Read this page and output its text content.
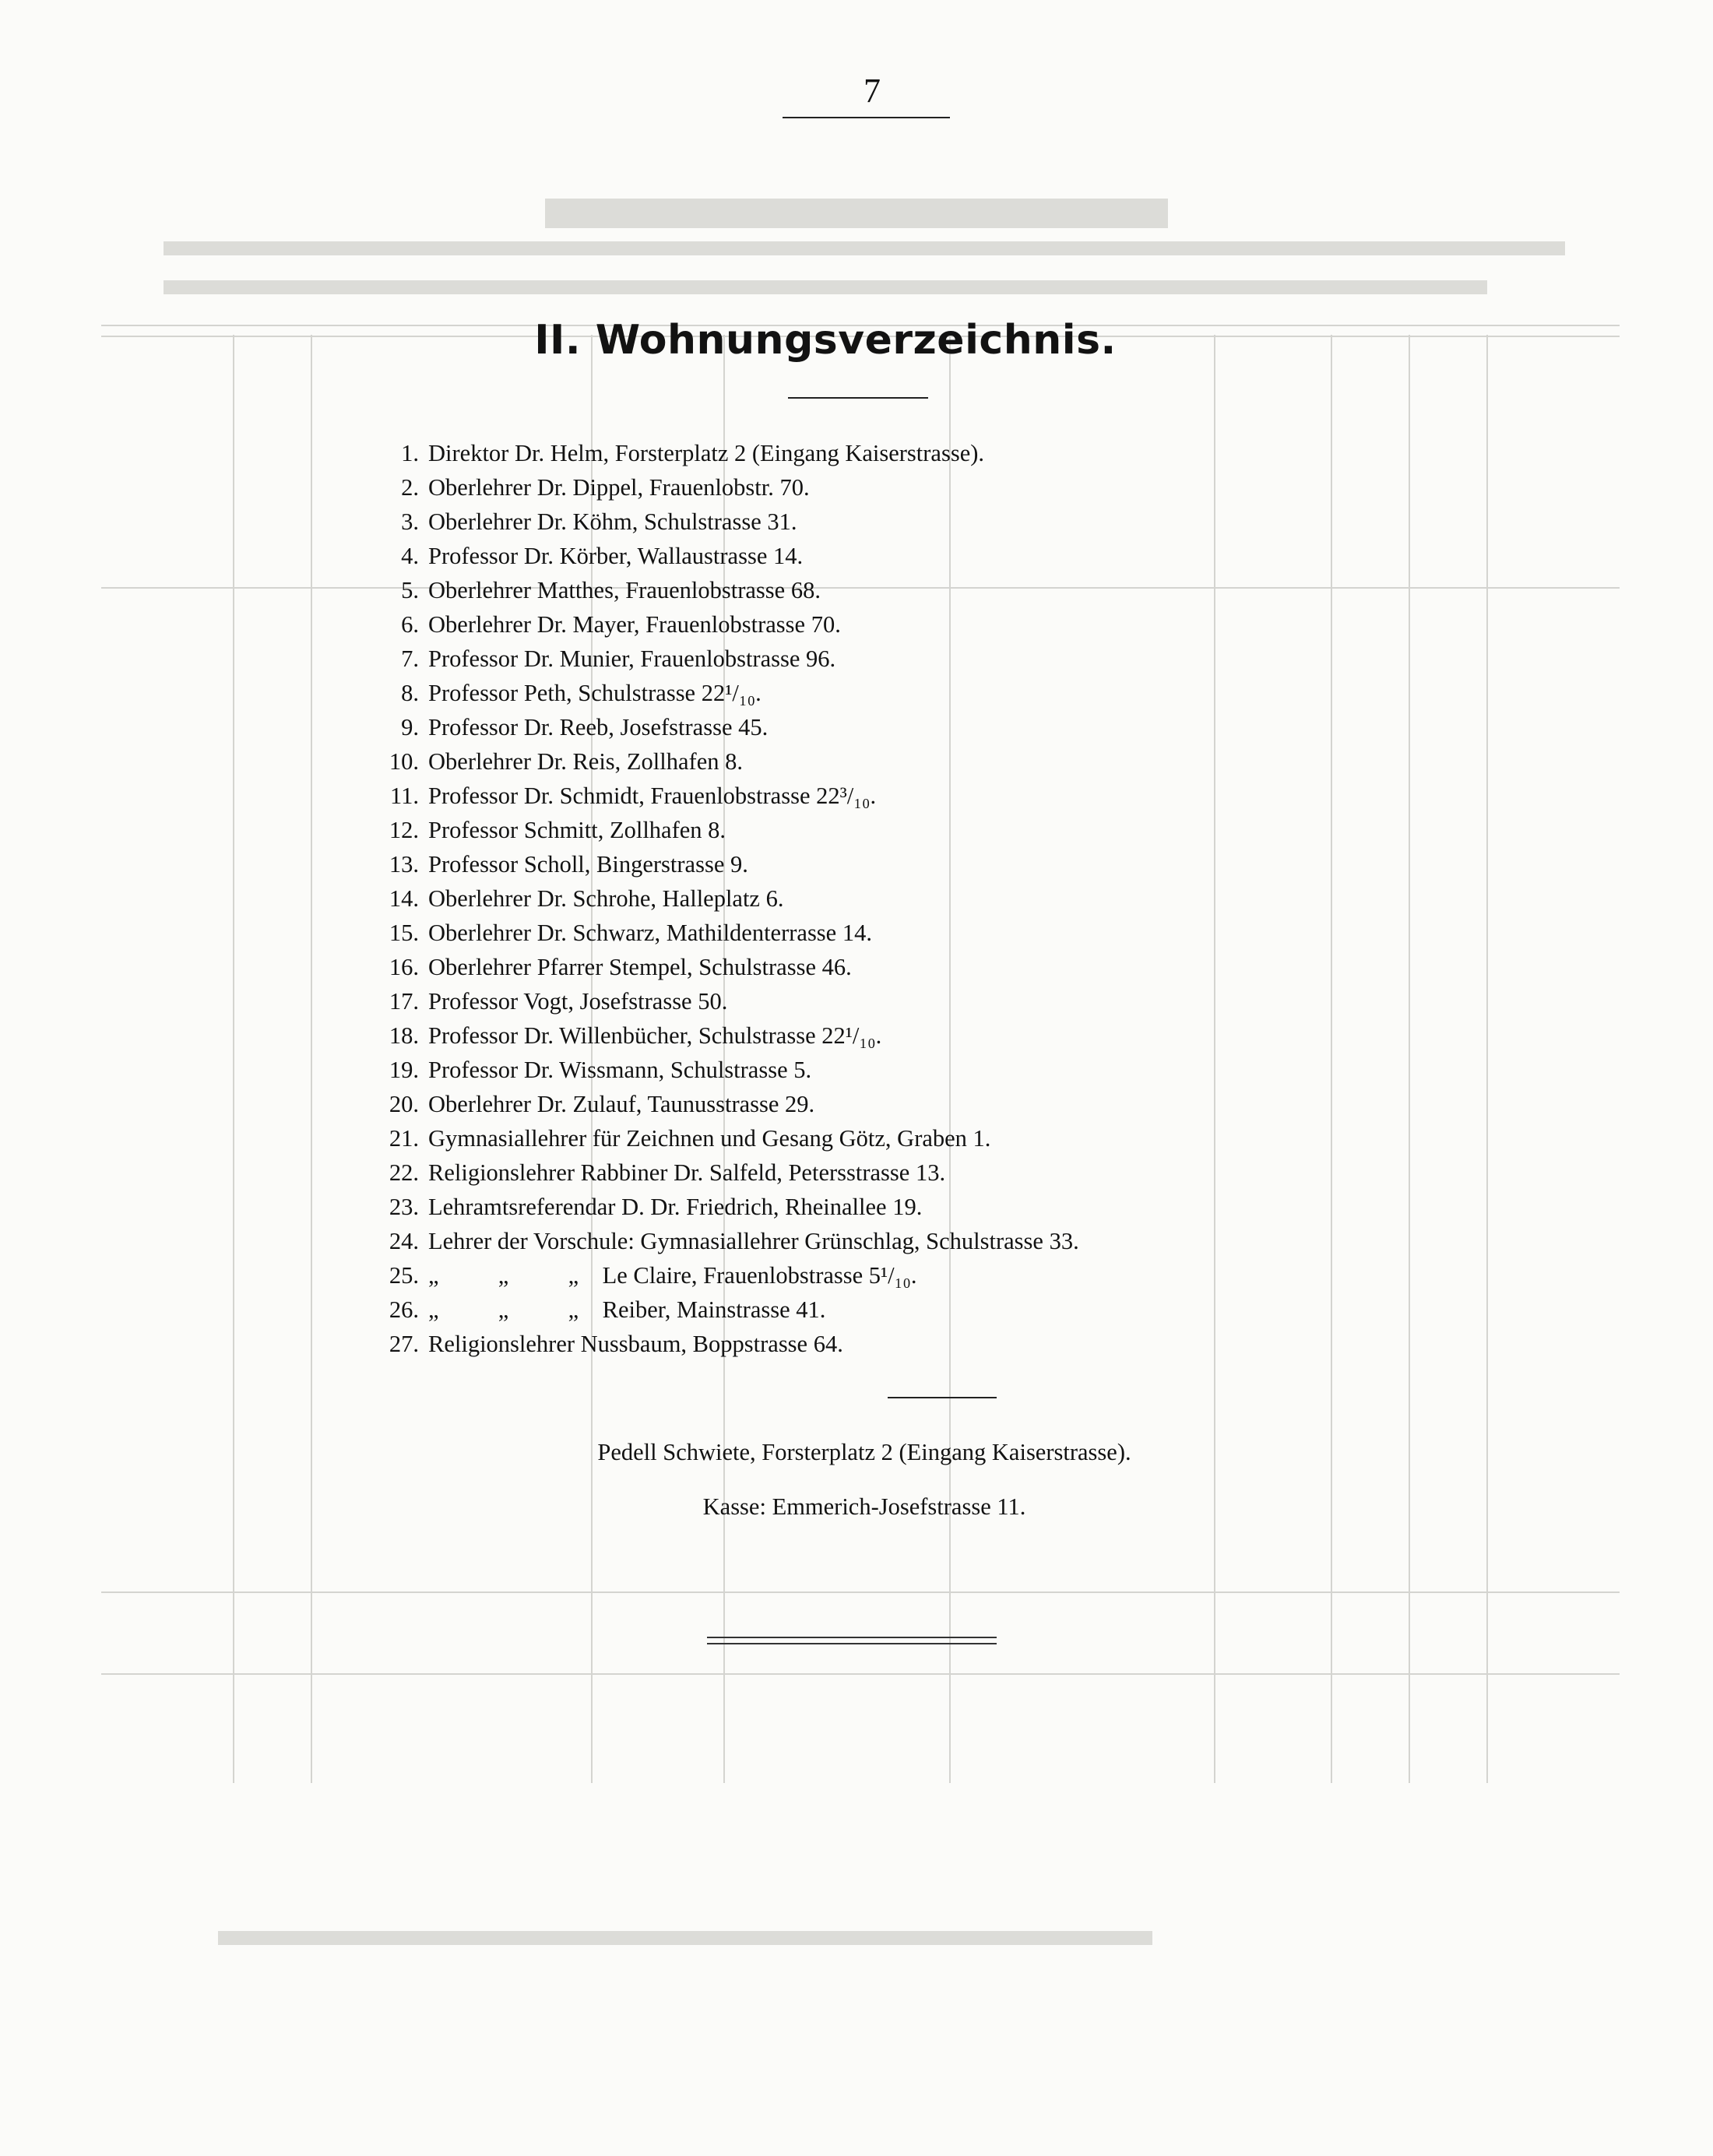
7
II. Wohnungsverzeichnis.
1. Direktor Dr. Helm, Forsterplatz 2 (Eingang Kaiserstrasse).
2. Oberlehrer Dr. Dippel, Frauenlobstr. 70.
3. Oberlehrer Dr. Köhm, Schulstrasse 31.
4. Professor Dr. Körber, Wallaustrasse 14.
5. Oberlehrer Matthes, Frauenlobstrasse 68.
6. Oberlehrer Dr. Mayer, Frauenlobstrasse 70.
7. Professor Dr. Munier, Frauenlobstrasse 96.
8. Professor Peth, Schulstrasse 22¹/₁₀.
9. Professor Dr. Reeb, Josefstrasse 45.
10. Oberlehrer Dr. Reis, Zollhafen 8.
11. Professor Dr. Schmidt, Frauenlobstrasse 22³/₁₀.
12. Professor Schmitt, Zollhafen 8.
13. Professor Scholl, Bingerstrasse 9.
14. Oberlehrer Dr. Schrohe, Halleplatz 6.
15. Oberlehrer Dr. Schwarz, Mathildenterrasse 14.
16. Oberlehrer Pfarrer Stempel, Schulstrasse 46.
17. Professor Vogt, Josefstrasse 50.
18. Professor Dr. Willenbücher, Schulstrasse 22¹/₁₀.
19. Professor Dr. Wissmann, Schulstrasse 5.
20. Oberlehrer Dr. Zulauf, Taunusstrasse 29.
21. Gymnasiallehrer für Zeichnen und Gesang Götz, Graben 1.
22. Religionslehrer Rabbiner Dr. Salfeld, Petersstrasse 13.
23. Lehramtsreferendar D. Dr. Friedrich, Rheinallee 19.
24. Lehrer der Vorschule: Gymnasiallehrer Grünschlag, Schulstrasse 33.
25. „          „          „    Le Claire, Frauenlobstrasse 5¹/₁₀.
26. „          „          „    Reiber, Mainstrasse 41.
27. Religionslehrer Nussbaum, Boppstrasse 64.
Pedell Schwiete, Forsterplatz 2 (Eingang Kaiserstrasse).
Kasse: Emmerich-Josefstrasse 11.
